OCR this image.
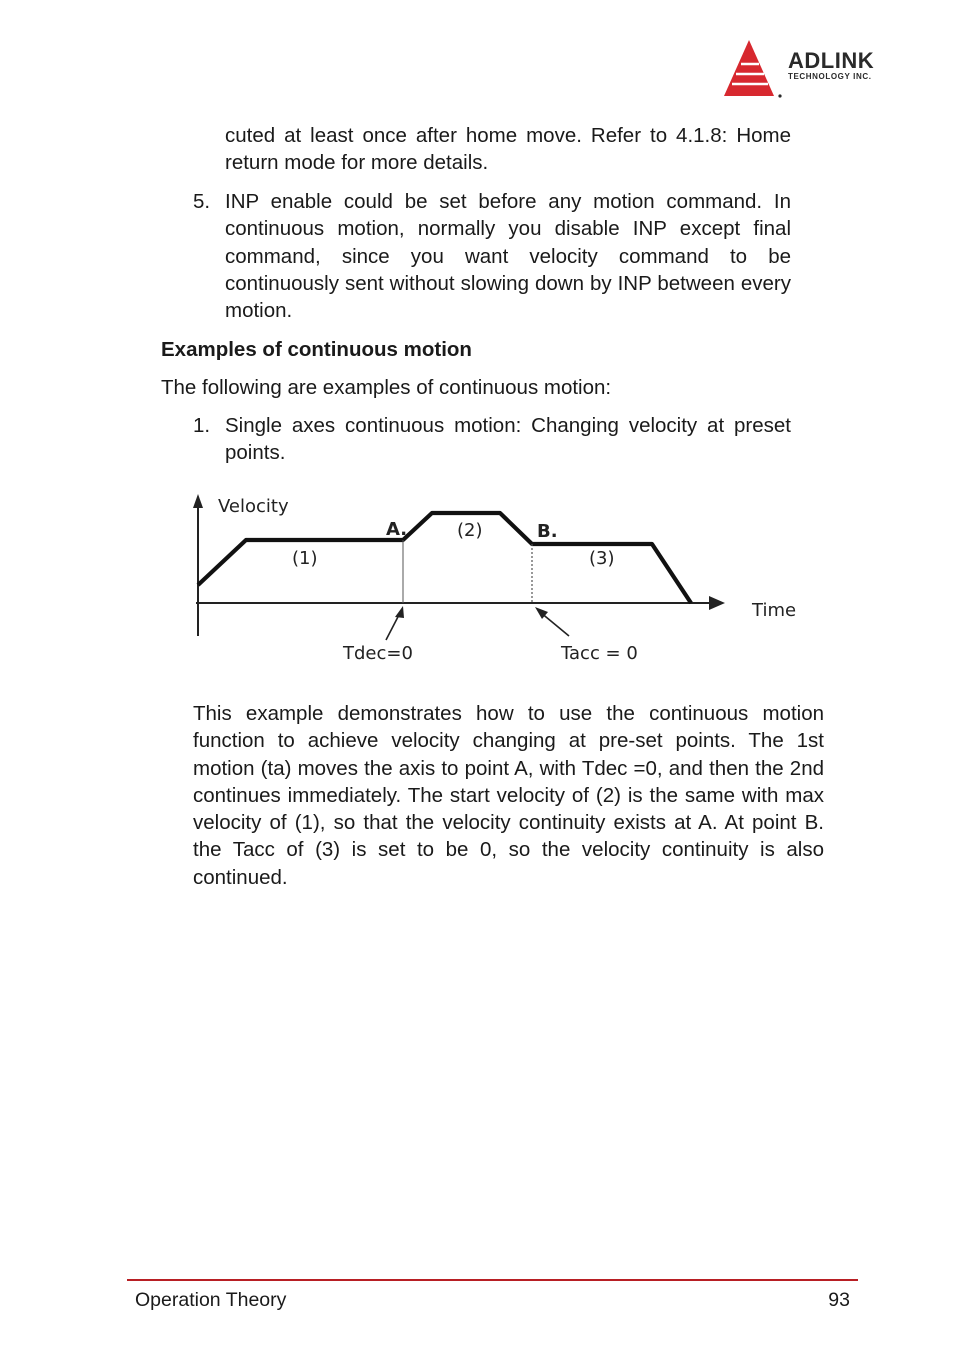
ADLINK
TECHNOLOGY INC.

cuted at least once after home move. Refer to 4.1.8: Home return mode for more details.

5. INP enable could be set before any motion command. In continuous motion, normally you disable INP except final command, since you want velocity command to be continuously sent without slowing down by INP between every motion.

Examples of continuous motion

The following are examples of continuous motion:

1. Single axes continuous motion: Changing velocity at preset points.

Velocity
Time
A.	B.
(1)
(2)
(3)
Tdec=0	Tacc = 0

This example demonstrates how to use the continuous motion function to achieve velocity changing at pre-set points. The 1st motion (ta) moves the axis to point A, with Tdec =0, and then the 2nd continues immediately. The start velocity of (2) is the same with max velocity of (1), so that the velocity continuity exists at A. At point B. the Tacc of (3) is set to be 0, so the velocity continuity is also continued.

Operation Theory	93
